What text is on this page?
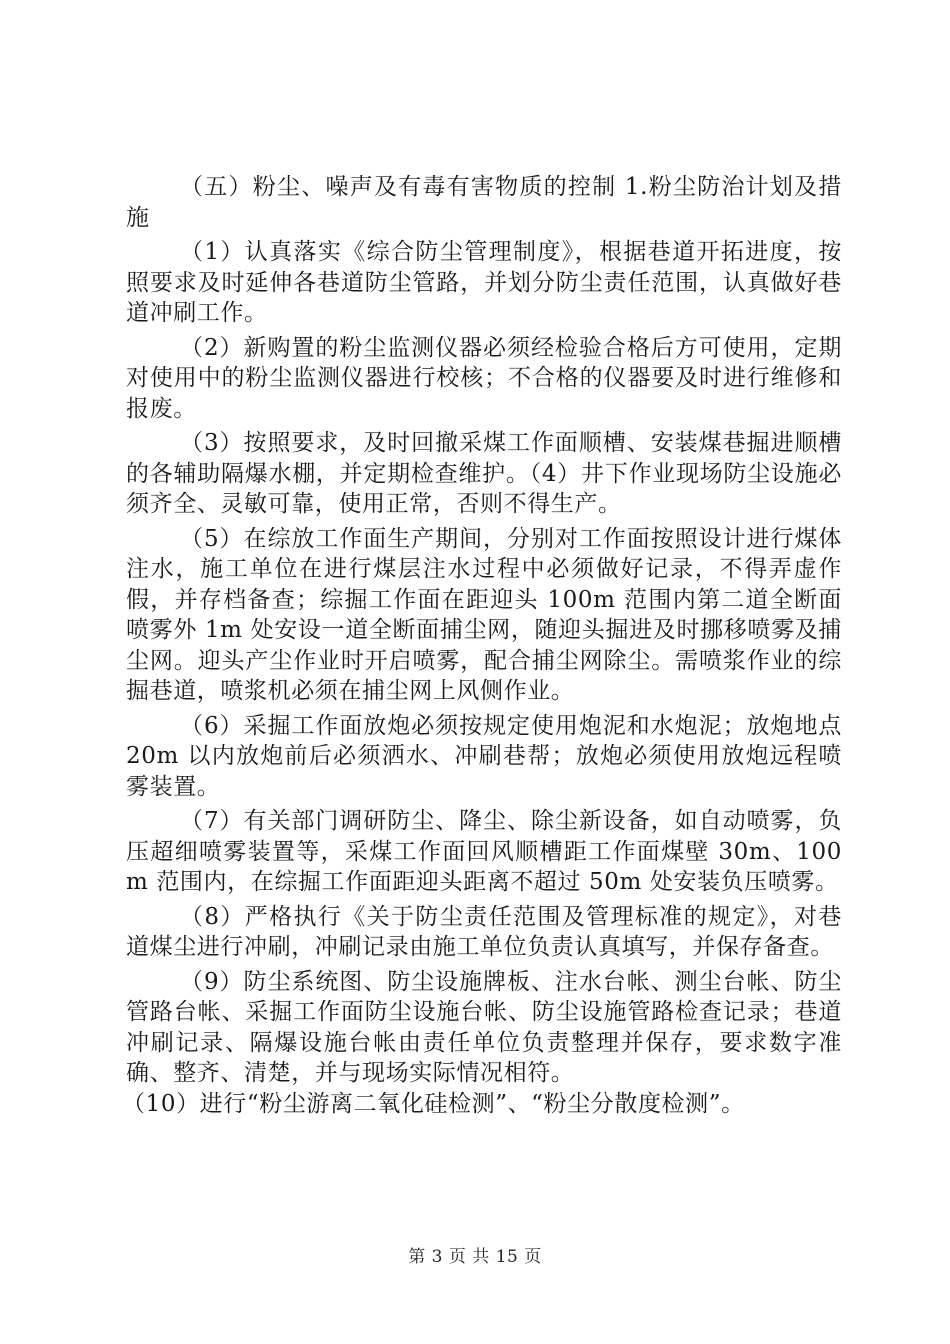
（五）粉尘、噪声及有毒有害物质的控制 1.粉尘防治计划及措施

（1）认真落实《综合防尘管理制度》，根据巷道开拓进度，按照要求及时延伸各巷道防尘管路，并划分防尘责任范围，认真做好巷道冲刷工作。

（2）新购置的粉尘监测仪器必须经检验合格后方可使用，定期对使用中的粉尘监测仪器进行校核；不合格的仪器要及时进行维修和报废。

（3）按照要求，及时回撤采煤工作面顺槽、安装煤巷掘进顺槽的各辅助隔爆水棚，并定期检查维护。（4）井下作业现场防尘设施必须齐全、灵敏可靠，使用正常，否则不得生产。

（5）在综放工作面生产期间，分别对工作面按照设计进行煤体注水，施工单位在进行煤层注水过程中必须做好记录，不得弄虚作假，并存档备查；综掘工作面在距迎头 100m 范围内第二道全断面喷雾外 1m 处安设一道全断面捕尘网，随迎头掘进及时挪移喷雾及捕尘网。迎头产尘作业时开启喷雾，配合捕尘网除尘。需喷浆作业的综掘巷道，喷浆机必须在捕尘网上风侧作业。

（6）采掘工作面放炮必须按规定使用炮泥和水炮泥；放炮地点 20m 以内放炮前后必须洒水、冲刷巷帮；放炮必须使用放炮远程喷雾装置。

（7）有关部门调研防尘、降尘、除尘新设备，如自动喷雾，负压超细喷雾装置等，采煤工作面回风顺槽距工作面煤壁 30m、100m 范围内，在综掘工作面距迎头距离不超过 50m 处安装负压喷雾。

（8）严格执行《关于防尘责任范围及管理标准的规定》，对巷道煤尘进行冲刷，冲刷记录由施工单位负责认真填写，并保存备查。

（9）防尘系统图、防尘设施牌板、注水台帐、测尘台帐、防尘管路台帐、采掘工作面防尘设施台帐、防尘设施管路检查记录；巷道冲刷记录、隔爆设施台帐由责任单位负责整理并保存，要求数字准确、整齐、清楚，并与现场实际情况相符。

（10）进行“粉尘游离二氧化硅检测”、“粉尘分散度检测”。

第 3 页 共 15 页
